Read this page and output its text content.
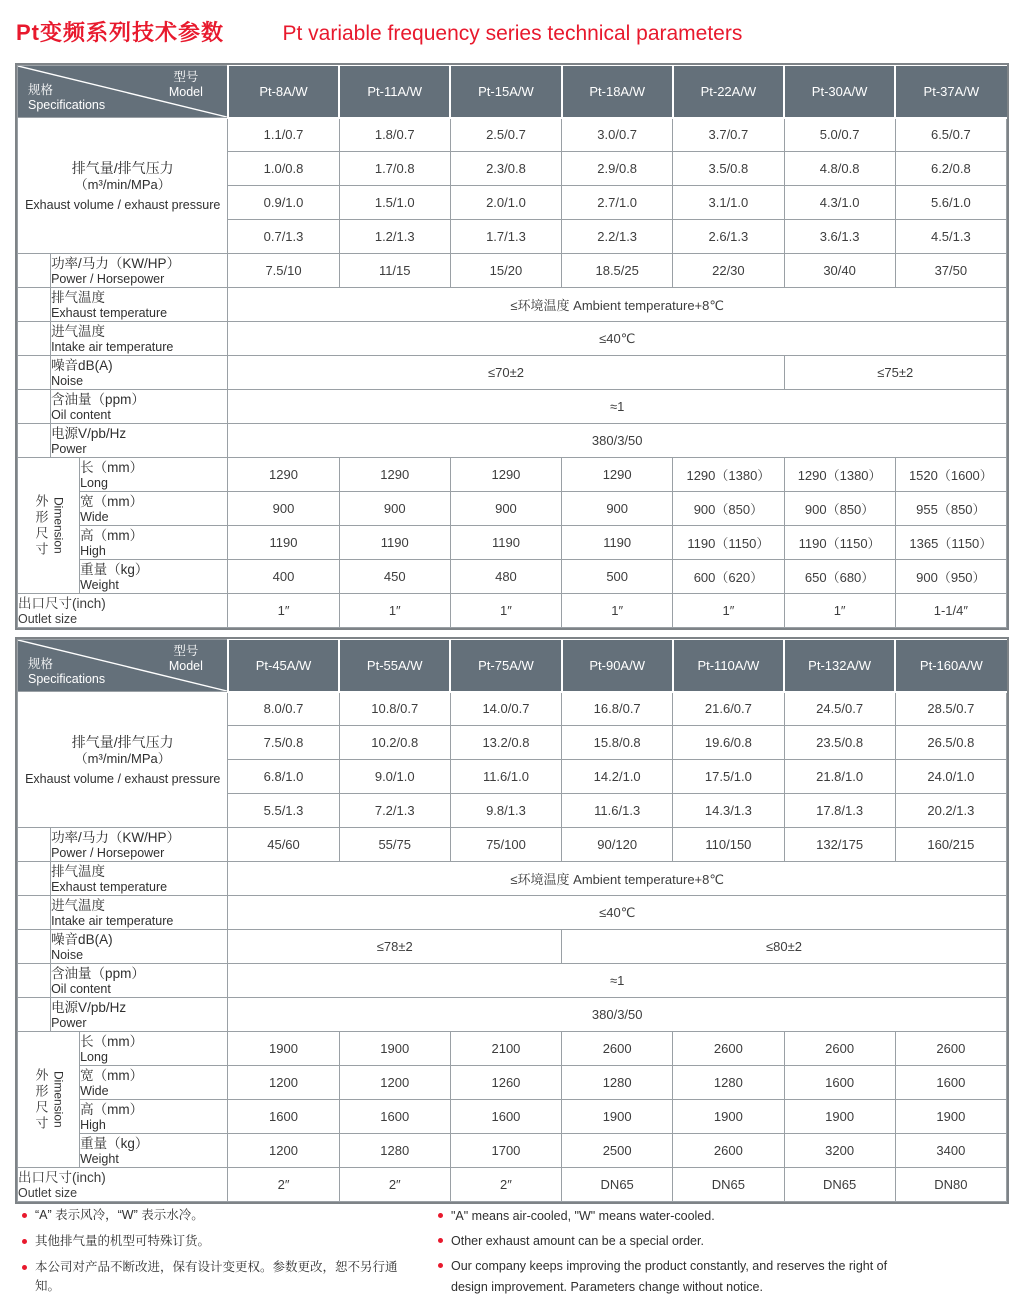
Pt变频系列技术参数	Pt variable frequency series technical parameters
规格
Specifications
型号
Model			Pt-8A/W	Pt-11A/W	Pt-15A/W	Pt-18A/W	Pt-22A/W	Pt-30A/W	Pt-37A/W

排气量/排气压力
（m³/min/MPa）
Exhaust volume / exhaust pressure			1.1/0.7	1.8/0.7	2.5/0.7	3.0/0.7	3.7/0.7	5.0/0.7	6.5/0.7
			1.0/0.8	1.7/0.8	2.3/0.8	2.9/0.8	3.5/0.8	4.8/0.8	6.2/0.8
			0.9/1.0	1.5/1.0	2.0/1.0	2.7/1.0	3.1/1.0	4.3/1.0	5.6/1.0
			0.7/1.3	1.2/1.3	1.7/1.3	2.2/1.3	2.6/1.3	3.6/1.3	4.5/1.3

	功率/马力（KW/HP）
Power / Horsepower		7.5/10	11/15	15/20	18.5/25	22/30	30/40	37/50

	排气温度
Exhaust temperature		≤环境温度 Ambient temperature+8℃						

	进气温度
Intake air temperature		≤40℃						

	噪音dB(A)
Noise		≤70±2					≤75±2	

	含油量（ppm）
Oil content		≈1						

	电源V/pb/Hz
Power		380/3/50						

外形尺寸 Dimension

长（mm）
Long
	1290	1290	1290	1290	1290（1380）	1290（1380）	1520（1600）

		宽（mm）
Wide	900	900	900	900	900（850）	900（850）	955（850）

		高（mm）
High	1190	1190	1190	1190	1190（1150）	1190（1150）	1365（1150）

		重量（kg）
Weight	400	450	480	500	600（620）	650（680）	900（950）

出口尺寸(inch)
Outlet size			1″	1″	1″	1″	1″	1″	1-1/4″
规格
Specifications
型号
Model			Pt-45A/W	Pt-55A/W	Pt-75A/W	Pt-90A/W	Pt-110A/W	Pt-132A/W	Pt-160A/W

排气量/排气压力
（m³/min/MPa）
Exhaust volume / exhaust pressure			8.0/0.7	10.8/0.7	14.0/0.7	16.8/0.7	21.6/0.7	24.5/0.7	28.5/0.7
			7.5/0.8	10.2/0.8	13.2/0.8	15.8/0.8	19.6/0.8	23.5/0.8	26.5/0.8
			6.8/1.0	9.0/1.0	11.6/1.0	14.2/1.0	17.5/1.0	21.8/1.0	24.0/1.0
			5.5/1.3	7.2/1.3	9.8/1.3	11.6/1.3	14.3/1.3	17.8/1.3	20.2/1.3

	功率/马力（KW/HP）
Power / Horsepower		45/60	55/75	75/100	90/120	110/150	132/175	160/215

	排气温度
Exhaust temperature		≤环境温度 Ambient temperature+8℃						

	进气温度
Intake air temperature		≤40℃						

	噪音dB(A)
Noise		≤78±2			≤80±2			

	含油量（ppm）
Oil content		≈1						

	电源V/pb/Hz
Power		380/3/50						

外形尺寸 Dimension

长（mm）
Long
	1900	1900	2100	2600	2600	2600	2600

		宽（mm）
Wide	1200	1200	1260	1280	1280	1600	1600

		高（mm）
High	1600	1600	1600	1900	1900	1900	1900

		重量（kg）
Weight	1200	1280	1700	2500	2600	3200	3400

出口尺寸(inch)
Outlet size			2″	2″	2″	DN65	DN65	DN65	DN80
“A” 表示风冷，“W” 表示水冷。
其他排气量的机型可特殊订货。
本公司对产品不断改进，保有设计变更权。参数更改，恕不另行通知。
"A" means air-cooled, "W" means water-cooled.
Other exhaust amount can be a special order.
Our company keeps improving the product constantly, and reserves the right of design improvement. Parameters change without notice.
